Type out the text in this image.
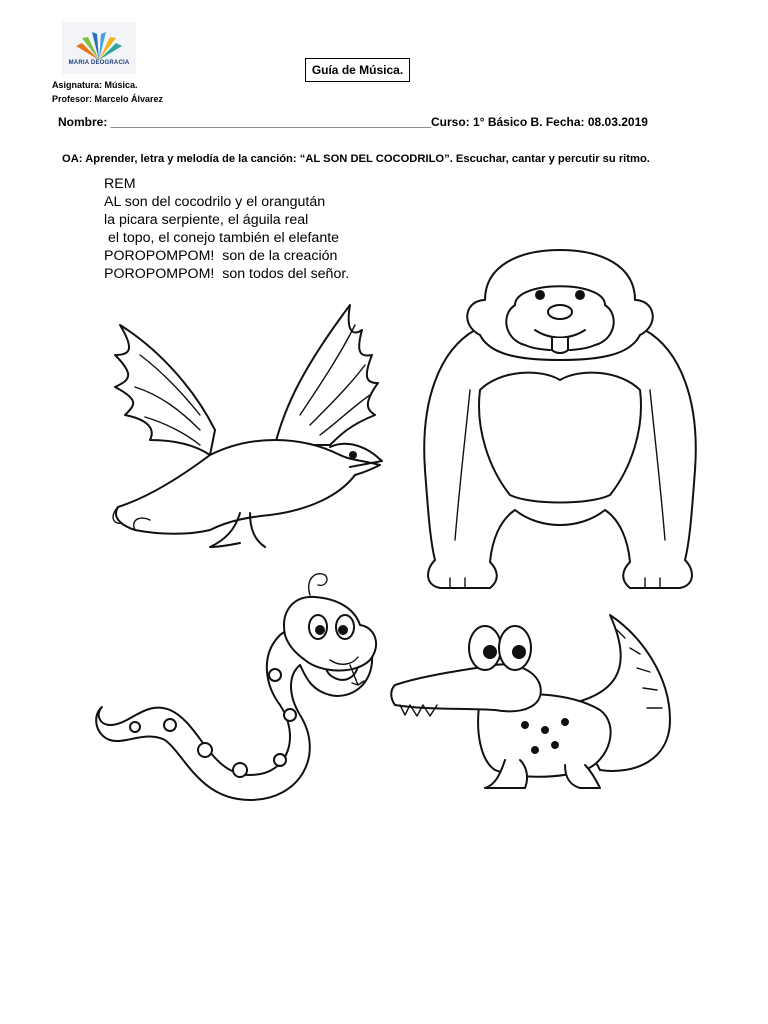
MARIA DEOGRACIA	Guía de Música.
Asignatura: Música.
Profesor: Marcelo Álvarez
Nombre: ________________________________________________Curso: 1° Básico B. Fecha: 08.03.2019
OA: Aprender, letra y melodía de la canción: “AL SON DEL COCODRILO”. Escuchar, cantar y percutir su ritmo.
REM
AL son del cocodrilo y el orangután
la picara serpiente, el águila real
el topo, el conejo también el elefante
POROPOMPOM!  son de la creación
POROPOMPOM!  son todos del señor.
